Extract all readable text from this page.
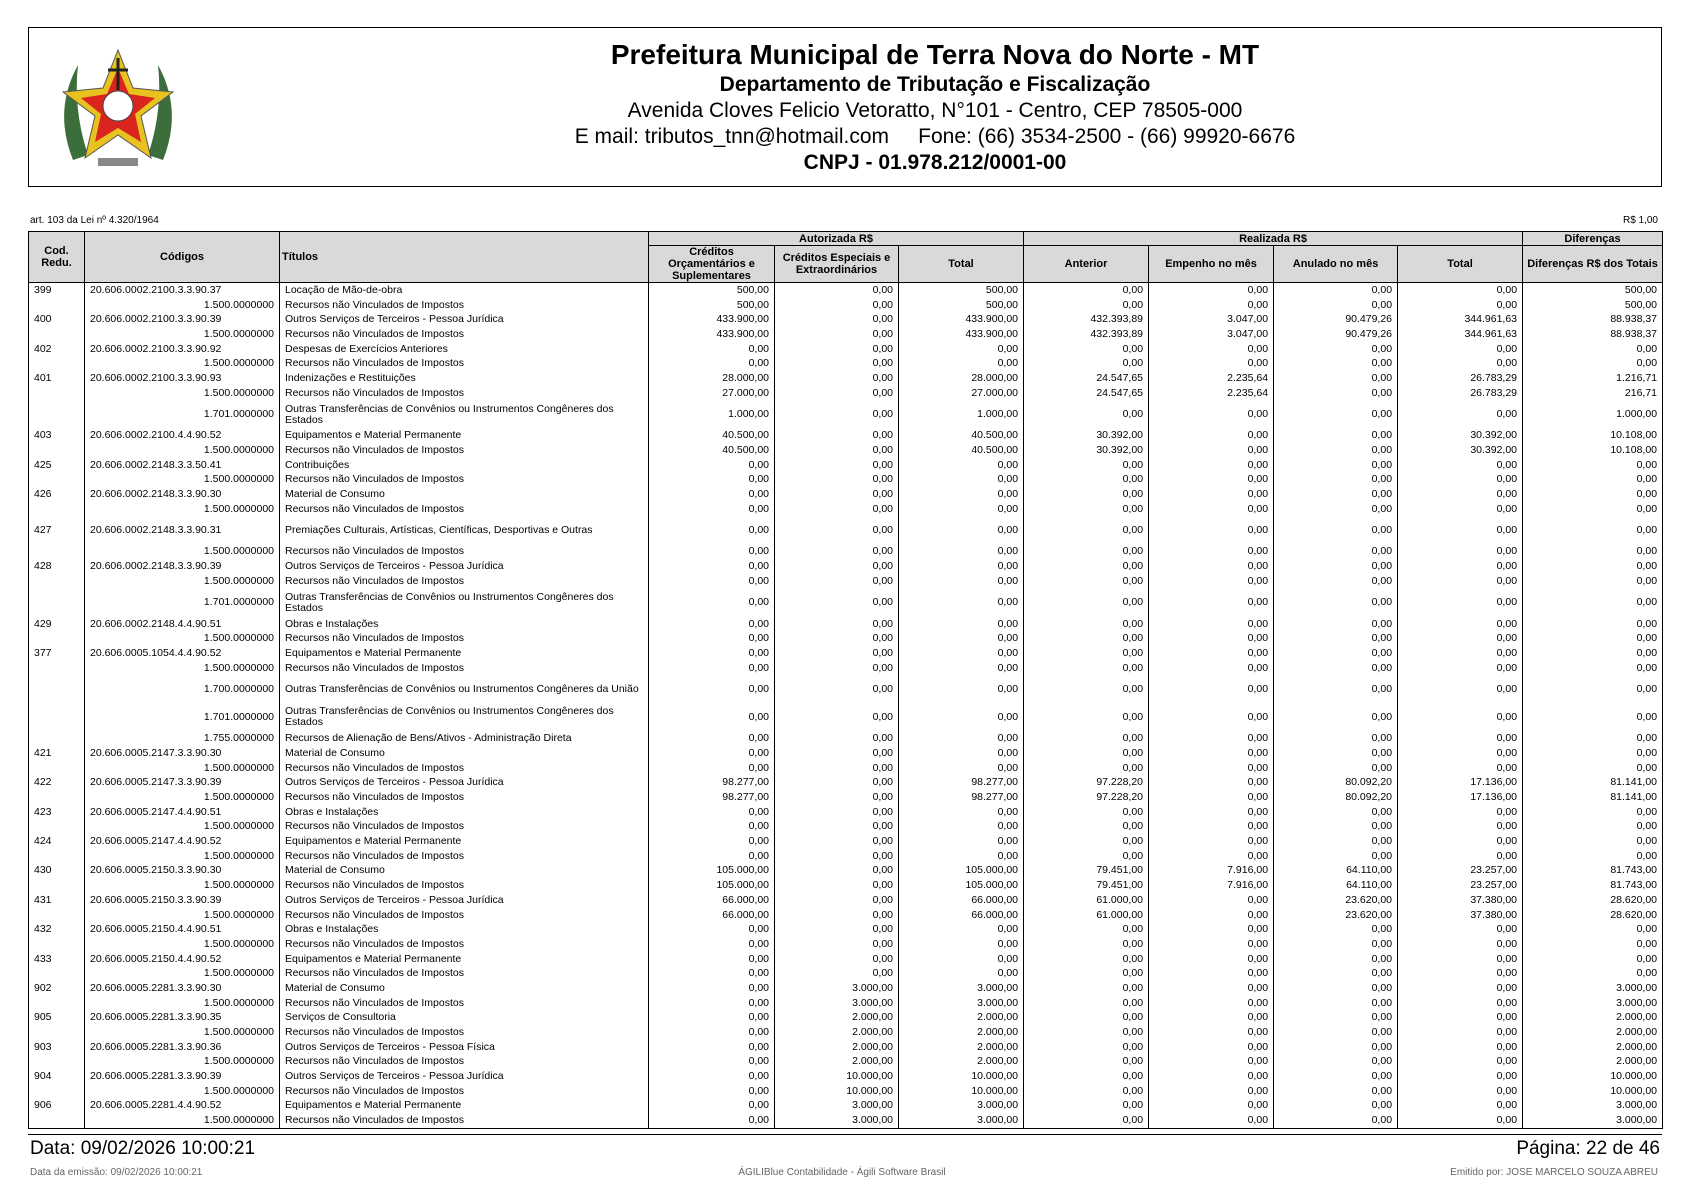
Prefeitura Municipal de Terra Nova do Norte - MT
Departamento de Tributação e Fiscalização
Avenida Cloves Felicio Vetoratto, N°101 - Centro, CEP 78505-000
E mail: tributos_tnn@hotmail.com     Fone: (66) 3534-2500 - (66) 99920-6676
CNPJ - 01.978.212/0001-00
art. 103 da Lei nº 4.320/1964	R$ 1,00
Cod. Redu.	Códigos	Títulos	Autorizada R$			Realizada R$				Diferenças
			Créditos Orçamentários e Suplementares	Créditos Especiais e Extraordinários	Total	Anterior	Empenho no mês	Anulado no mês	Total	Diferenças R$ dos Totais
399	20.606.0002.2100.3.3.90.37	Locação de Mão-de-obra	500,00	0,00	500,00	0,00	0,00	0,00	0,00	500,00
	1.500.0000000	Recursos não Vinculados de Impostos	500,00	0,00	500,00	0,00	0,00	0,00	0,00	500,00
400	20.606.0002.2100.3.3.90.39	Outros Serviços de Terceiros - Pessoa Jurídica	433.900,00	0,00	433.900,00	432.393,89	3.047,00	90.479,26	344.961,63	88.938,37
	1.500.0000000	Recursos não Vinculados de Impostos	433.900,00	0,00	433.900,00	432.393,89	3.047,00	90.479,26	344.961,63	88.938,37
402	20.606.0002.2100.3.3.90.92	Despesas de Exercícios Anteriores	0,00	0,00	0,00	0,00	0,00	0,00	0,00	0,00
	1.500.0000000	Recursos não Vinculados de Impostos	0,00	0,00	0,00	0,00	0,00	0,00	0,00	0,00
401	20.606.0002.2100.3.3.90.93	Indenizações e Restituições	28.000,00	0,00	28.000,00	24.547,65	2.235,64	0,00	26.783,29	1.216,71
	1.500.0000000	Recursos não Vinculados de Impostos	27.000,00	0,00	27.000,00	24.547,65	2.235,64	0,00	26.783,29	216,71
	1.701.0000000	Outras Transferências de Convênios ou Instrumentos Congêneres dos Estados	1.000,00	0,00	1.000,00	0,00	0,00	0,00	0,00	1.000,00
403	20.606.0002.2100.4.4.90.52	Equipamentos e Material Permanente	40.500,00	0,00	40.500,00	30.392,00	0,00	0,00	30.392,00	10.108,00
	1.500.0000000	Recursos não Vinculados de Impostos	40.500,00	0,00	40.500,00	30.392,00	0,00	0,00	30.392,00	10.108,00
425	20.606.0002.2148.3.3.50.41	Contribuições	0,00	0,00	0,00	0,00	0,00	0,00	0,00	0,00
	1.500.0000000	Recursos não Vinculados de Impostos	0,00	0,00	0,00	0,00	0,00	0,00	0,00	0,00
426	20.606.0002.2148.3.3.90.30	Material de Consumo	0,00	0,00	0,00	0,00	0,00	0,00	0,00	0,00
	1.500.0000000	Recursos não Vinculados de Impostos	0,00	0,00	0,00	0,00	0,00	0,00	0,00	0,00
427	20.606.0002.2148.3.3.90.31	Premiações Culturais, Artísticas, Científicas, Desportivas e Outras	0,00	0,00	0,00	0,00	0,00	0,00	0,00	0,00
	1.500.0000000	Recursos não Vinculados de Impostos	0,00	0,00	0,00	0,00	0,00	0,00	0,00	0,00
428	20.606.0002.2148.3.3.90.39	Outros Serviços de Terceiros - Pessoa Jurídica	0,00	0,00	0,00	0,00	0,00	0,00	0,00	0,00
	1.500.0000000	Recursos não Vinculados de Impostos	0,00	0,00	0,00	0,00	0,00	0,00	0,00	0,00
	1.701.0000000	Outras Transferências de Convênios ou Instrumentos Congêneres dos Estados	0,00	0,00	0,00	0,00	0,00	0,00	0,00	0,00
429	20.606.0002.2148.4.4.90.51	Obras e Instalações	0,00	0,00	0,00	0,00	0,00	0,00	0,00	0,00
	1.500.0000000	Recursos não Vinculados de Impostos	0,00	0,00	0,00	0,00	0,00	0,00	0,00	0,00
377	20.606.0005.1054.4.4.90.52	Equipamentos e Material Permanente	0,00	0,00	0,00	0,00	0,00	0,00	0,00	0,00
	1.500.0000000	Recursos não Vinculados de Impostos	0,00	0,00	0,00	0,00	0,00	0,00	0,00	0,00
	1.700.0000000	Outras Transferências de Convênios ou Instrumentos Congêneres da União	0,00	0,00	0,00	0,00	0,00	0,00	0,00	0,00
	1.701.0000000	Outras Transferências de Convênios ou Instrumentos Congêneres dos Estados	0,00	0,00	0,00	0,00	0,00	0,00	0,00	0,00
	1.755.0000000	Recursos de Alienação de Bens/Ativos - Administração Direta	0,00	0,00	0,00	0,00	0,00	0,00	0,00	0,00
421	20.606.0005.2147.3.3.90.30	Material de Consumo	0,00	0,00	0,00	0,00	0,00	0,00	0,00	0,00
	1.500.0000000	Recursos não Vinculados de Impostos	0,00	0,00	0,00	0,00	0,00	0,00	0,00	0,00
422	20.606.0005.2147.3.3.90.39	Outros Serviços de Terceiros - Pessoa Jurídica	98.277,00	0,00	98.277,00	97.228,20	0,00	80.092,20	17.136,00	81.141,00
	1.500.0000000	Recursos não Vinculados de Impostos	98.277,00	0,00	98.277,00	97.228,20	0,00	80.092,20	17.136,00	81.141,00
423	20.606.0005.2147.4.4.90.51	Obras e Instalações	0,00	0,00	0,00	0,00	0,00	0,00	0,00	0,00
	1.500.0000000	Recursos não Vinculados de Impostos	0,00	0,00	0,00	0,00	0,00	0,00	0,00	0,00
424	20.606.0005.2147.4.4.90.52	Equipamentos e Material Permanente	0,00	0,00	0,00	0,00	0,00	0,00	0,00	0,00
	1.500.0000000	Recursos não Vinculados de Impostos	0,00	0,00	0,00	0,00	0,00	0,00	0,00	0,00
430	20.606.0005.2150.3.3.90.30	Material de Consumo	105.000,00	0,00	105.000,00	79.451,00	7.916,00	64.110,00	23.257,00	81.743,00
	1.500.0000000	Recursos não Vinculados de Impostos	105.000,00	0,00	105.000,00	79.451,00	7.916,00	64.110,00	23.257,00	81.743,00
431	20.606.0005.2150.3.3.90.39	Outros Serviços de Terceiros - Pessoa Jurídica	66.000,00	0,00	66.000,00	61.000,00	0,00	23.620,00	37.380,00	28.620,00
	1.500.0000000	Recursos não Vinculados de Impostos	66.000,00	0,00	66.000,00	61.000,00	0,00	23.620,00	37.380,00	28.620,00
432	20.606.0005.2150.4.4.90.51	Obras e Instalações	0,00	0,00	0,00	0,00	0,00	0,00	0,00	0,00
	1.500.0000000	Recursos não Vinculados de Impostos	0,00	0,00	0,00	0,00	0,00	0,00	0,00	0,00
433	20.606.0005.2150.4.4.90.52	Equipamentos e Material Permanente	0,00	0,00	0,00	0,00	0,00	0,00	0,00	0,00
	1.500.0000000	Recursos não Vinculados de Impostos	0,00	0,00	0,00	0,00	0,00	0,00	0,00	0,00
902	20.606.0005.2281.3.3.90.30	Material de Consumo	0,00	3.000,00	3.000,00	0,00	0,00	0,00	0,00	3.000,00
	1.500.0000000	Recursos não Vinculados de Impostos	0,00	3.000,00	3.000,00	0,00	0,00	0,00	0,00	3.000,00
905	20.606.0005.2281.3.3.90.35	Serviços de Consultoria	0,00	2.000,00	2.000,00	0,00	0,00	0,00	0,00	2.000,00
	1.500.0000000	Recursos não Vinculados de Impostos	0,00	2.000,00	2.000,00	0,00	0,00	0,00	0,00	2.000,00
903	20.606.0005.2281.3.3.90.36	Outros Serviços de Terceiros - Pessoa Física	0,00	2.000,00	2.000,00	0,00	0,00	0,00	0,00	2.000,00
	1.500.0000000	Recursos não Vinculados de Impostos	0,00	2.000,00	2.000,00	0,00	0,00	0,00	0,00	2.000,00
904	20.606.0005.2281.3.3.90.39	Outros Serviços de Terceiros - Pessoa Jurídica	0,00	10.000,00	10.000,00	0,00	0,00	0,00	0,00	10.000,00
	1.500.0000000	Recursos não Vinculados de Impostos	0,00	10.000,00	10.000,00	0,00	0,00	0,00	0,00	10.000,00
906	20.606.0005.2281.4.4.90.52	Equipamentos e Material Permanente	0,00	3.000,00	3.000,00	0,00	0,00	0,00	0,00	3.000,00
	1.500.0000000	Recursos não Vinculados de Impostos	0,00	3.000,00	3.000,00	0,00	0,00	0,00	0,00	3.000,00
Data: 09/02/2026 10:00:21	Página: 22 de 46
Data da emissão: 09/02/2026 10:00:21	ÁGILIBlue Contabilidade - Ágili Software Brasil	Emitido por: JOSE MARCELO SOUZA ABREU
